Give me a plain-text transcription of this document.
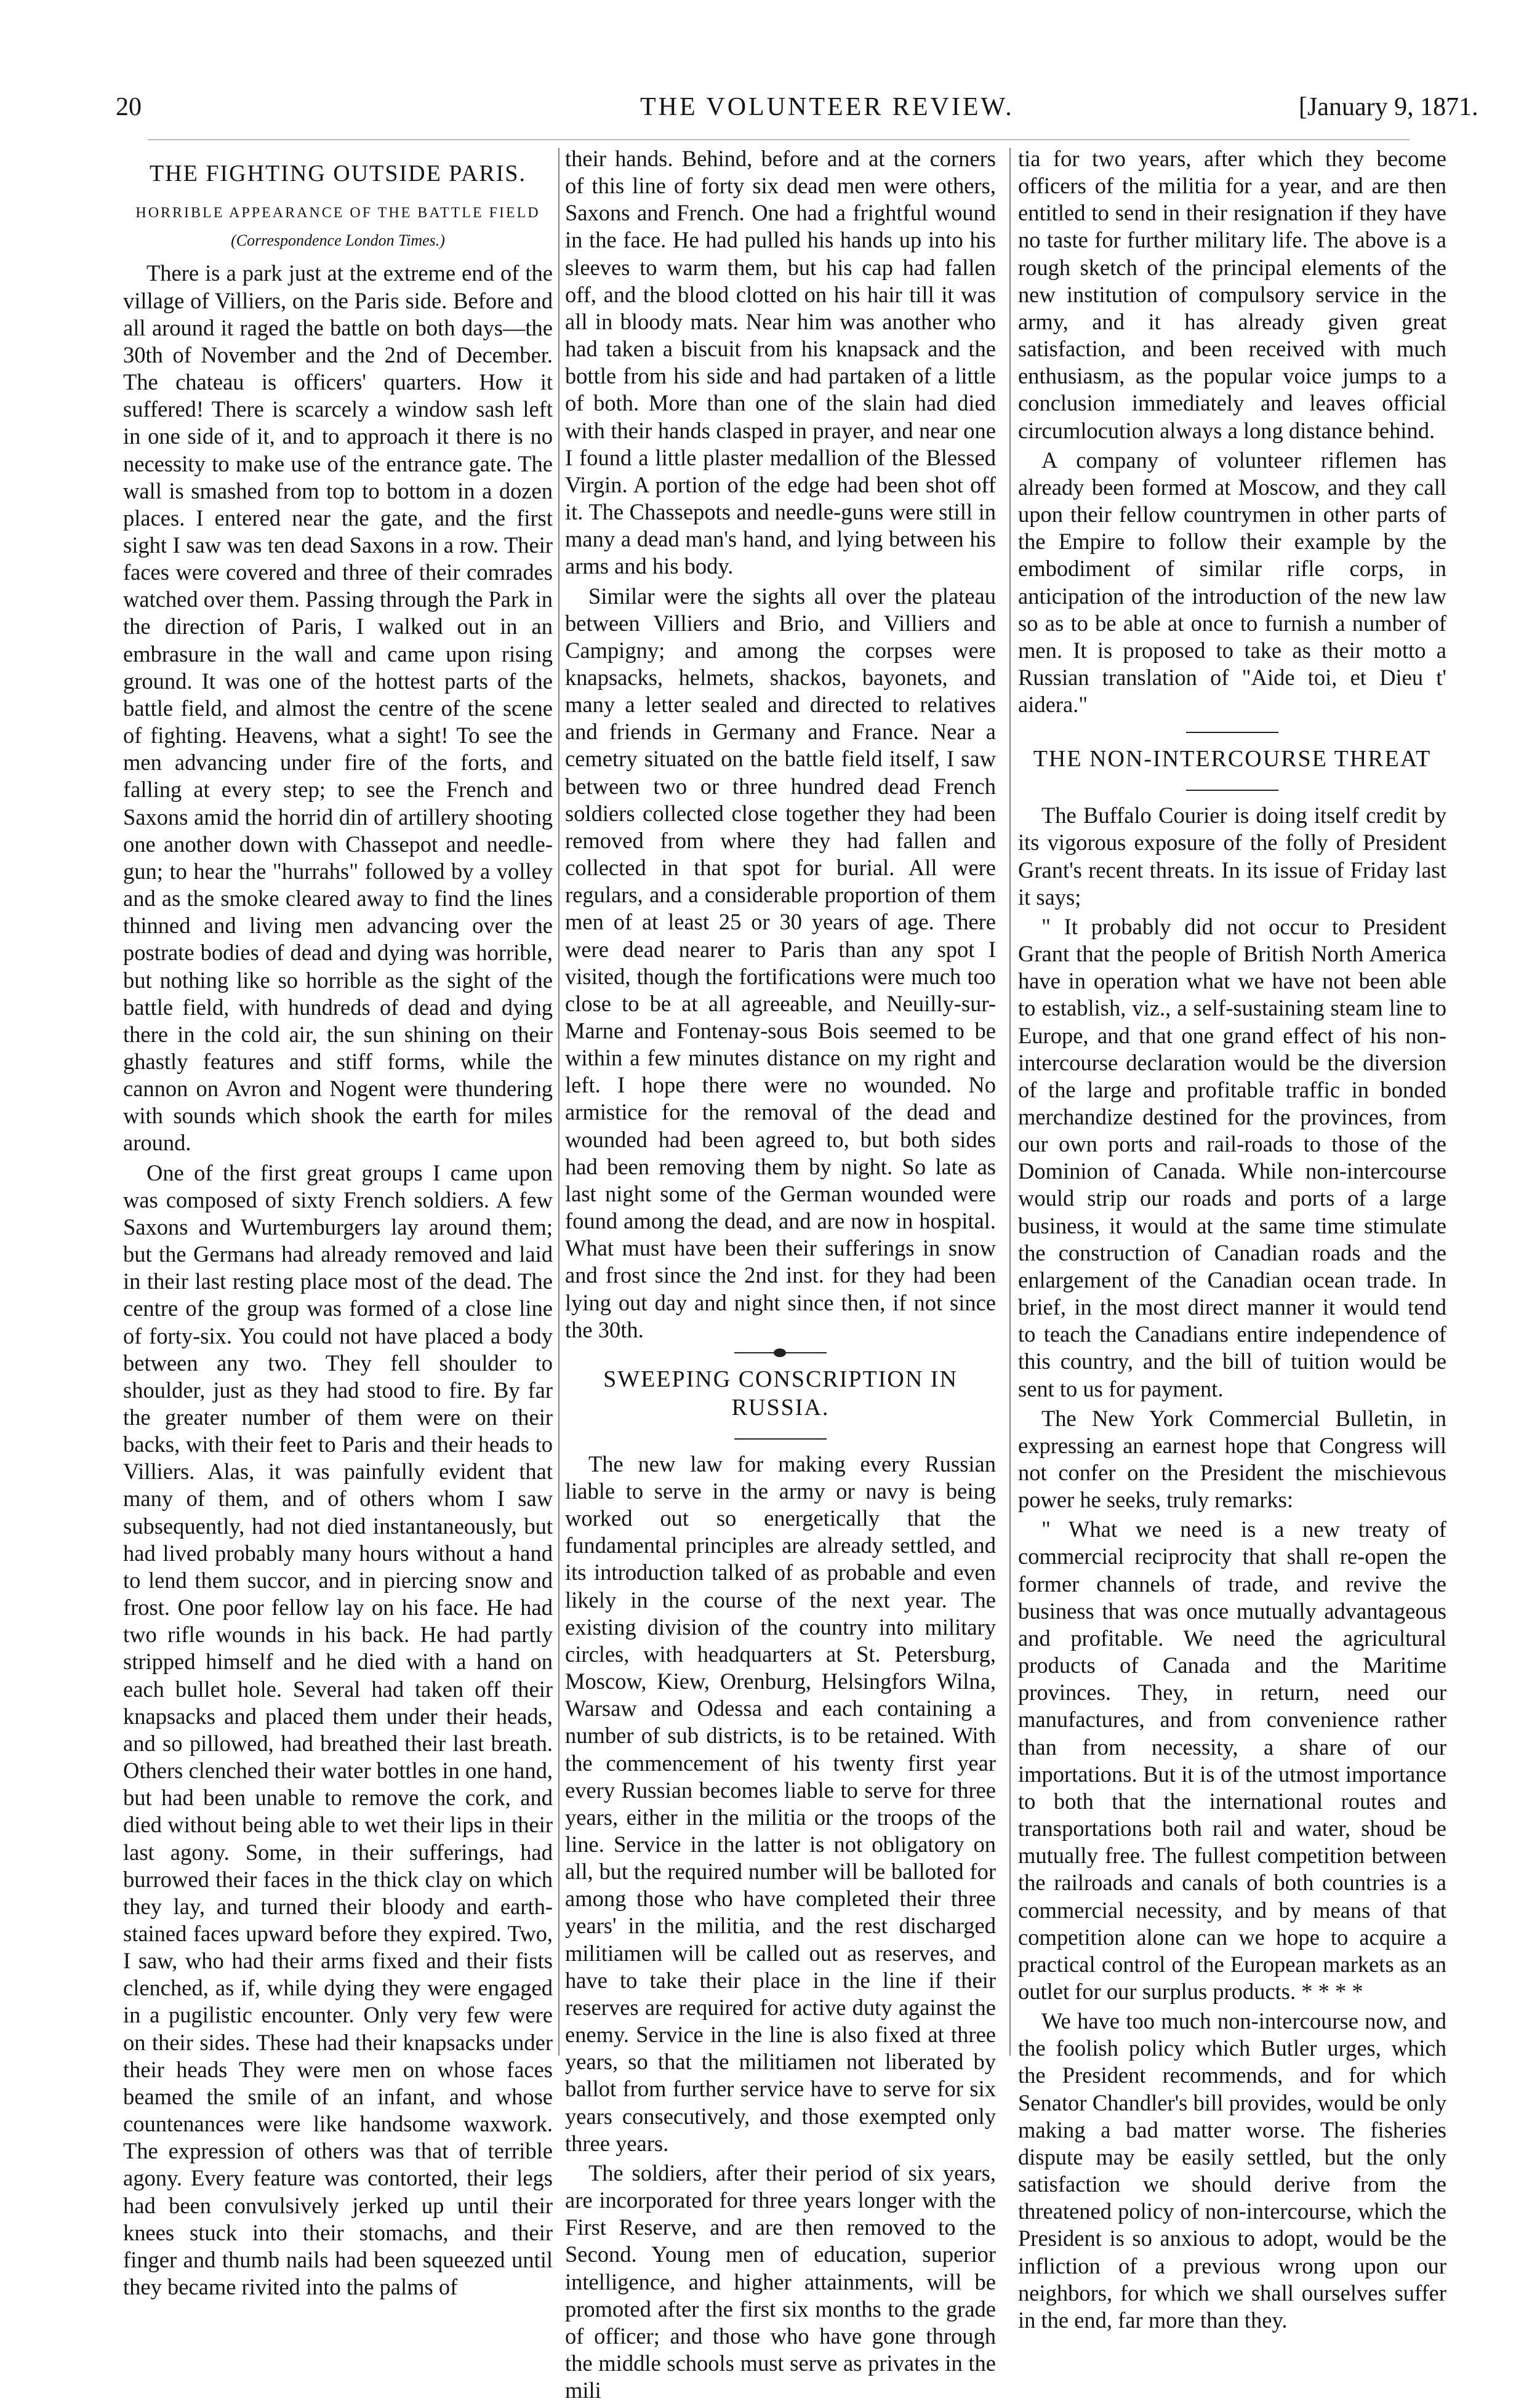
20	THE VOLUNTEER REVIEW.	[January 9, 1871.
THE FIGHTING OUTSIDE PARIS.
HORRIBLE APPEARANCE OF THE BATTLE FIELD
(Correspondence London Times.)

There is a park just at the extreme end of the village of Villiers, on the Paris side. Before and all around it raged the battle on both days—the 30th of November and the 2nd of December. The chateau is officers' quarters. How it suffered! There is scarcely a window sash left in one side of it, and to approach it there is no necessity to make use of the entrance gate. The wall is smashed from top to bottom in a dozen places. I entered near the gate, and the first sight I saw was ten dead Saxons in a row. Their faces were covered and three of their comrades watched over them. Passing through the Park in the direction of Paris, I walked out in an embrasure in the wall and came upon rising ground. It was one of the hottest parts of the battle field, and almost the centre of the scene of fighting. Heavens, what a sight! To see the men advancing under fire of the forts, and falling at every step; to see the French and Saxons amid the horrid din of artillery shooting one another down with Chassepot and needle-gun; to hear the "hurrahs" followed by a volley and as the smoke cleared away to find the lines thinned and living men advancing over the postrate bodies of dead and dying was horrible, but nothing like so horrible as the sight of the battle field, with hundreds of dead and dying there in the cold air, the sun shining on their ghastly features and stiff forms, while the cannon on Avron and Nogent were thundering with sounds which shook the earth for miles around.

One of the first great groups I came upon was composed of sixty French soldiers. A few Saxons and Wurtemburgers lay around them; but the Germans had already removed and laid in their last resting place most of the dead. The centre of the group was formed of a close line of forty-six. You could not have placed a body between any two. They fell shoulder to shoulder, just as they had stood to fire. By far the greater number of them were on their backs, with their feet to Paris and their heads to Villiers. Alas, it was painfully evident that many of them, and of others whom I saw subsequently, had not died instantaneously, but had lived probably many hours without a hand to lend them succor, and in piercing snow and frost. One poor fellow lay on his face. He had two rifle wounds in his back. He had partly stripped himself and he died with a hand on each bullet hole. Several had taken off their knapsacks and placed them under their heads, and so pillowed, had breathed their last breath. Others clenched their water bottles in one hand, but had been unable to remove the cork, and died without being able to wet their lips in their last agony. Some, in their sufferings, had burrowed their faces in the thick clay on which they lay, and turned their bloody and earth-stained faces upward before they expired. Two, I saw, who had their arms fixed and their fists clenched, as if, while dying they were engaged in a pugilistic encounter. Only very few were on their sides. These had their knapsacks under their heads They were men on whose faces beamed the smile of an infant, and whose countenances were like handsome waxwork. The expression of others was that of terrible agony. Every feature was contorted, their legs had been convulsively jerked up until their knees stuck into their stomachs, and their finger and thumb nails had been squeezed until they became rivited into the palms of

their hands. Behind, before and at the corners of this line of forty six dead men were others, Saxons and French. One had a frightful wound in the face. He had pulled his hands up into his sleeves to warm them, but his cap had fallen off, and the blood clotted on his hair till it was all in bloody mats. Near him was another who had taken a biscuit from his knapsack and the bottle from his side and had partaken of a little of both. More than one of the slain had died with their hands clasped in prayer, and near one I found a little plaster medallion of the Blessed Virgin. A portion of the edge had been shot off it. The Chassepots and needle-guns were still in many a dead man's hand, and lying between his arms and his body.

Similar were the sights all over the plateau between Villiers and Brio, and Villiers and Campigny; and among the corpses were knapsacks, helmets, shackos, bayonets, and many a letter sealed and directed to relatives and friends in Germany and France. Near a cemetry situated on the battle field itself, I saw between two or three hundred dead French soldiers collected close together they had been removed from where they had fallen and collected in that spot for burial. All were regulars, and a considerable proportion of them men of at least 25 or 30 years of age. There were dead nearer to Paris than any spot I visited, though the fortifications were much too close to be at all agreeable, and Neuilly-sur-Marne and Fontenay-sous Bois seemed to be within a few minutes distance on my right and left. I hope there were no wounded. No armistice for the removal of the dead and wounded had been agreed to, but both sides had been removing them by night. So late as last night some of the German wounded were found among the dead, and are now in hospital. What must have been their sufferings in snow and frost since the 2nd inst. for they had been lying out day and night since then, if not since the 30th.

SWEEPING CONSCRIPTION IN RUSSIA.

The new law for making every Russian liable to serve in the army or navy is being worked out so energetically that the fundamental principles are already settled, and its introduction talked of as probable and even likely in the course of the next year. The existing division of the country into military circles, with headquarters at St. Petersburg, Moscow, Kiew, Orenburg, Helsingfors Wilna, Warsaw and Odessa and each containing a number of sub districts, is to be retained. With the commencement of his twenty first year every Russian becomes liable to serve for three years, either in the militia or the troops of the line. Service in the latter is not obligatory on all, but the required number will be balloted for among those who have completed their three years' in the militia, and the rest discharged militiamen will be called out as reserves, and have to take their place in the line if their reserves are required for active duty against the enemy. Service in the line is also fixed at three years, so that the militiamen not liberated by ballot from further service have to serve for six years consecutively, and those exempted only three years.

The soldiers, after their period of six years, are incorporated for three years longer with the First Reserve, and are then removed to the Second. Young men of education, superior intelligence, and higher attainments, will be promoted after the first six months to the grade of officer; and those who have gone through the middle schools must serve as privates in the mili

tia for two years, after which they become officers of the militia for a year, and are then entitled to send in their resignation if they have no taste for further military life. The above is a rough sketch of the principal elements of the new institution of compulsory service in the army, and it has already given great satisfaction, and been received with much enthusiasm, as the popular voice jumps to a conclusion immediately and leaves official circumlocution always a long distance behind.

A company of volunteer riflemen has already been formed at Moscow, and they call upon their fellow countrymen in other parts of the Empire to follow their example by the embodiment of similar rifle corps, in anticipation of the introduction of the new law so as to be able at once to furnish a number of men. It is proposed to take as their motto a Russian translation of "Aide toi, et Dieu t' aidera."

THE NON-INTERCOURSE THREAT

The Buffalo Courier is doing itself credit by its vigorous exposure of the folly of President Grant's recent threats. In its issue of Friday last it says;

" It probably did not occur to President Grant that the people of British North America have in operation what we have not been able to establish, viz., a self-sustaining steam line to Europe, and that one grand effect of his non-intercourse declaration would be the diversion of the large and profitable traffic in bonded merchandize destined for the provinces, from our own ports and rail-roads to those of the Dominion of Canada. While non-intercourse would strip our roads and ports of a large business, it would at the same time stimulate the construction of Canadian roads and the enlargement of the Canadian ocean trade. In brief, in the most direct manner it would tend to teach the Canadians entire independence of this country, and the bill of tuition would be sent to us for payment.

The New York Commercial Bulletin, in expressing an earnest hope that Congress will not confer on the President the mischievous power he seeks, truly remarks:

" What we need is a new treaty of commercial reciprocity that shall re-open the former channels of trade, and revive the business that was once mutually advantageous and profitable. We need the agricultural products of Canada and the Maritime provinces. They, in return, need our manufactures, and from convenience rather than from necessity, a share of our importations. But it is of the utmost importance to both that the international routes and transportations both rail and water, shoud be mutually free. The fullest competition between the railroads and canals of both countries is a commercial necessity, and by means of that competition alone can we hope to acquire a practical control of the European markets as an outlet for our surplus products. * * * *

We have too much non-intercourse now, and the foolish policy which Butler urges, which the President recommends, and for which Senator Chandler's bill provides, would be only making a bad matter worse. The fisheries dispute may be easily settled, but the only satisfaction we should derive from the threatened policy of non-intercourse, which the President is so anxious to adopt, would be the infliction of a previous wrong upon our neighbors, for which we shall ourselves suffer in the end, far more than they.
